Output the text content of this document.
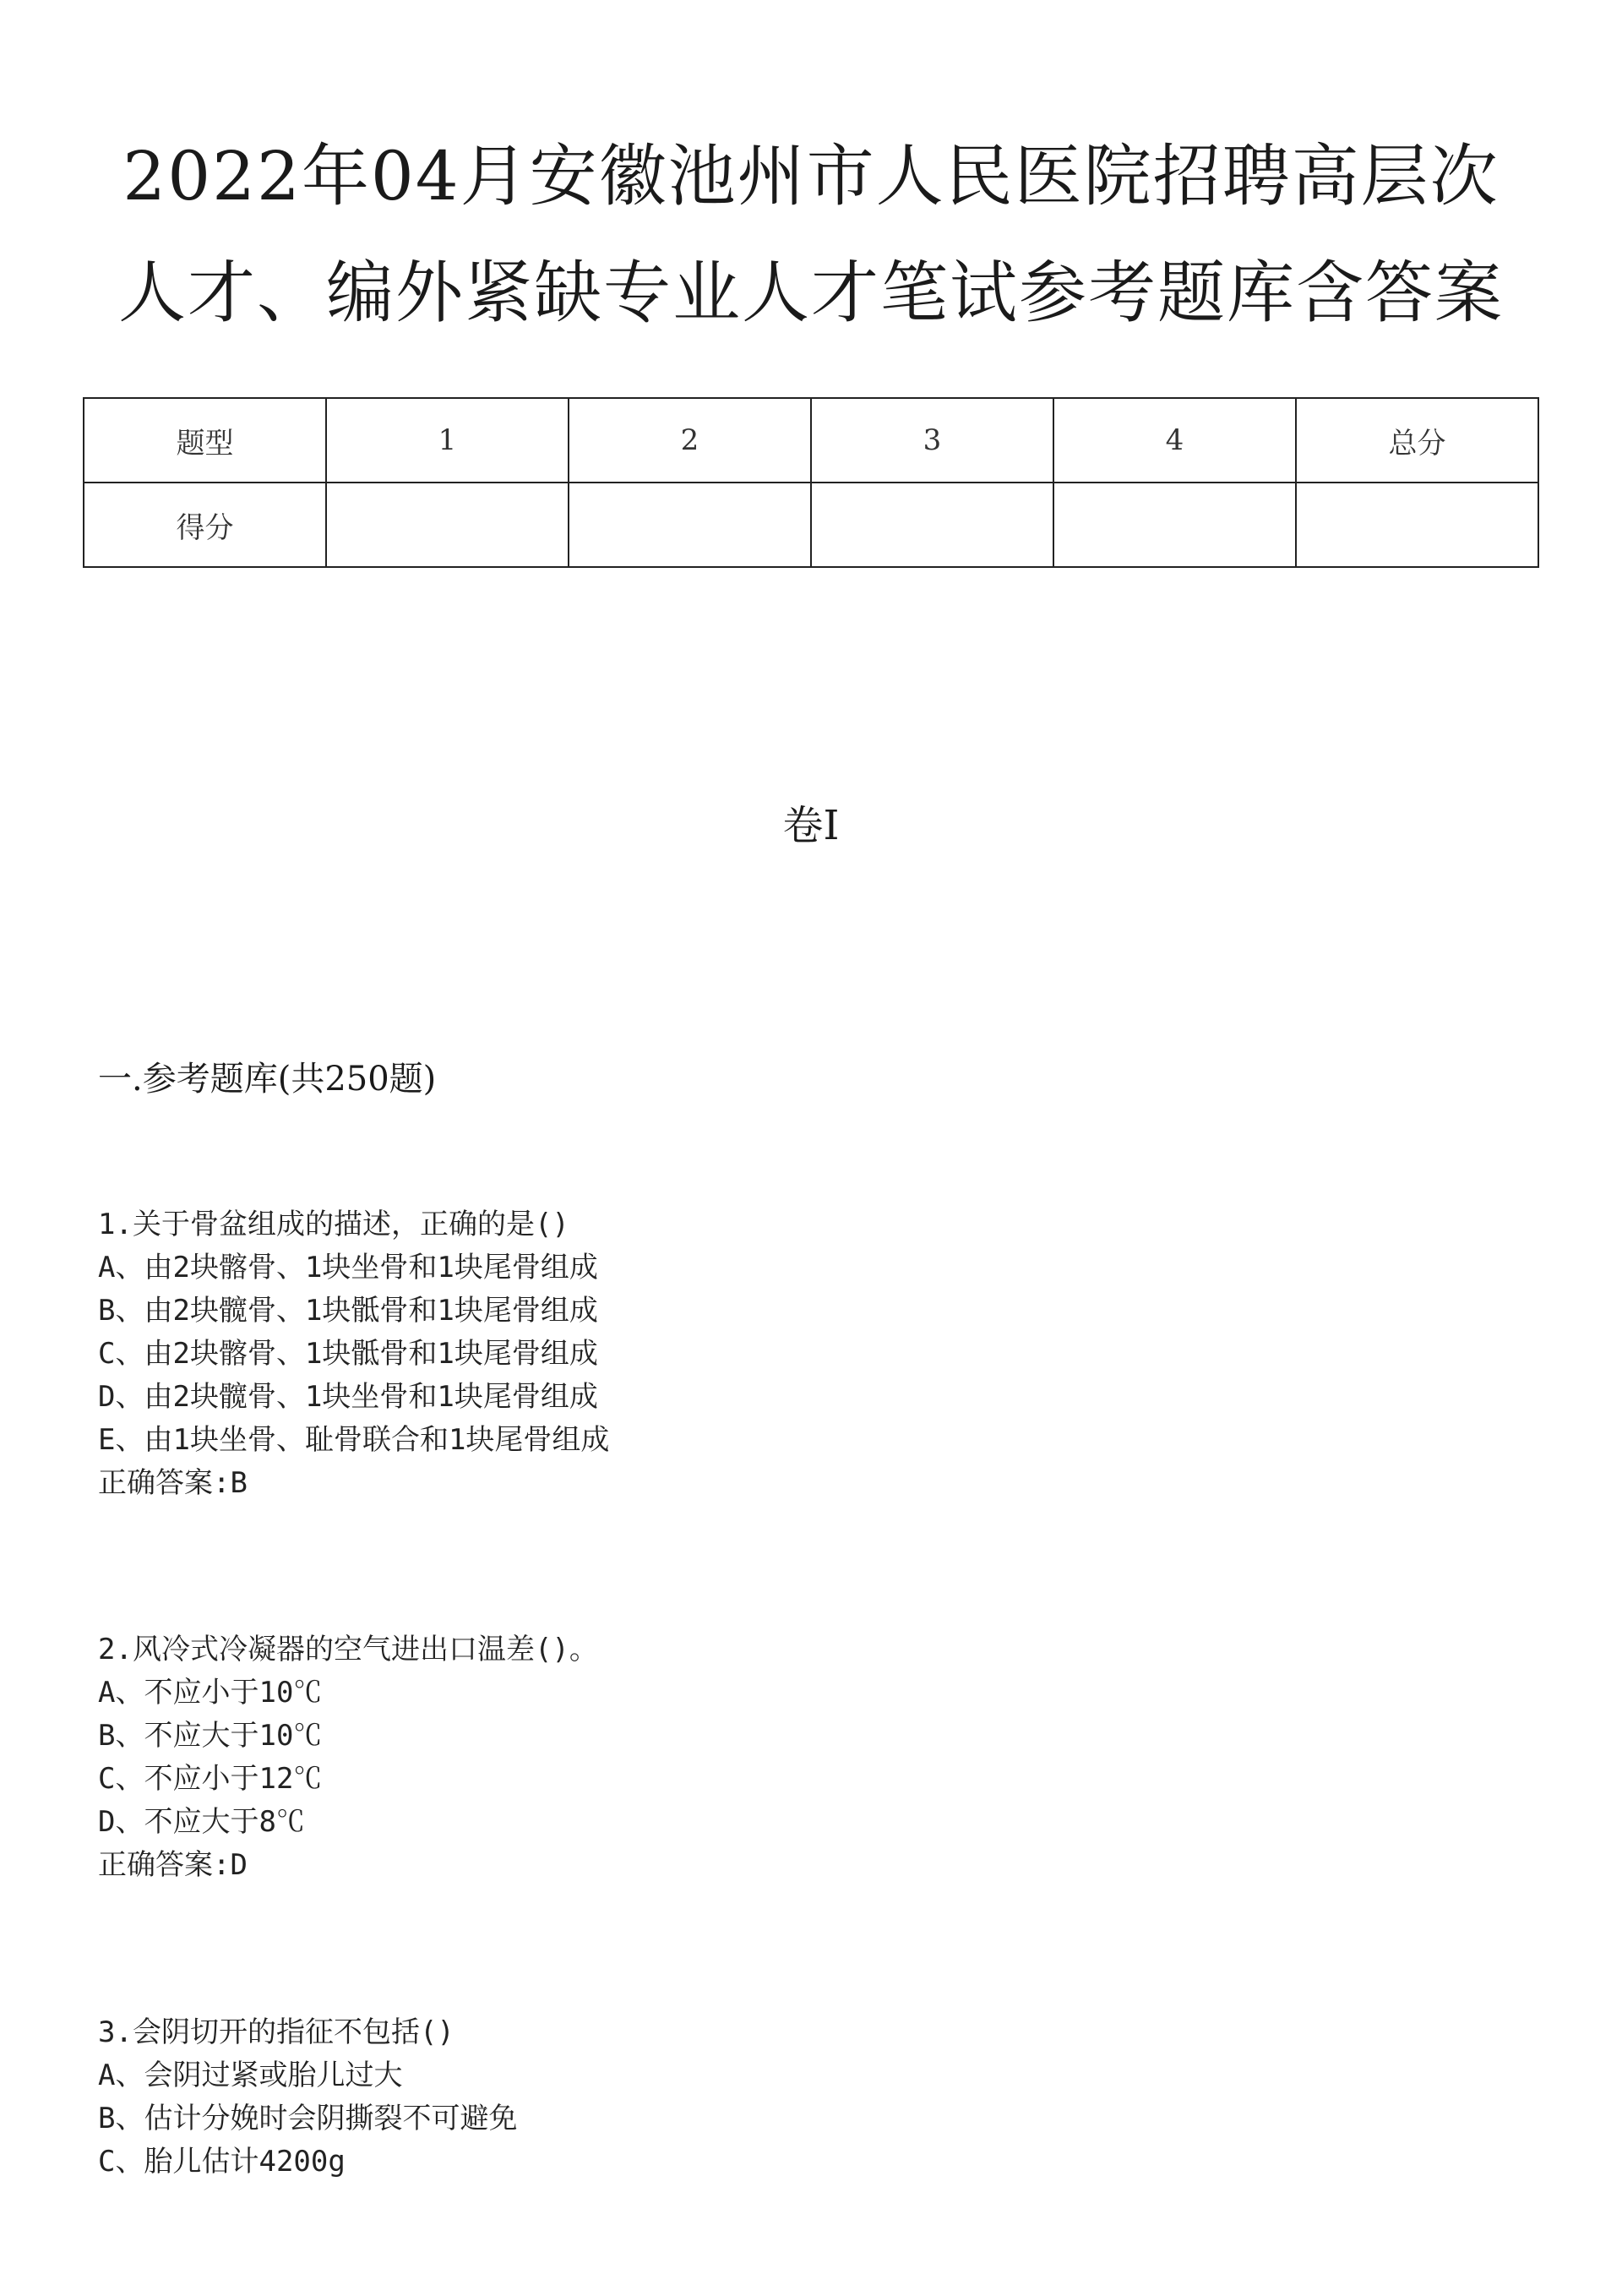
2022年04月安徽池州市人民医院招聘高层次
人才、编外紧缺专业人才笔试参考题库含答案
题型	1	2	3	4	总分
得分					
卷I
一.参考题库(共250题)
1.关于骨盆组成的描述，正确的是()
A、由2块髂骨、1块坐骨和1块尾骨组成
B、由2块髋骨、1块骶骨和1块尾骨组成
C、由2块髂骨、1块骶骨和1块尾骨组成
D、由2块髋骨、1块坐骨和1块尾骨组成
E、由1块坐骨、耻骨联合和1块尾骨组成
正确答案:B
2.风冷式冷凝器的空气进出口温差()。
A、不应小于10℃
B、不应大于10℃
C、不应小于12℃
D、不应大于8℃
正确答案:D
3.会阴切开的指征不包括()
A、会阴过紧或胎儿过大
B、估计分娩时会阴撕裂不可避免
C、胎儿估计4200g
